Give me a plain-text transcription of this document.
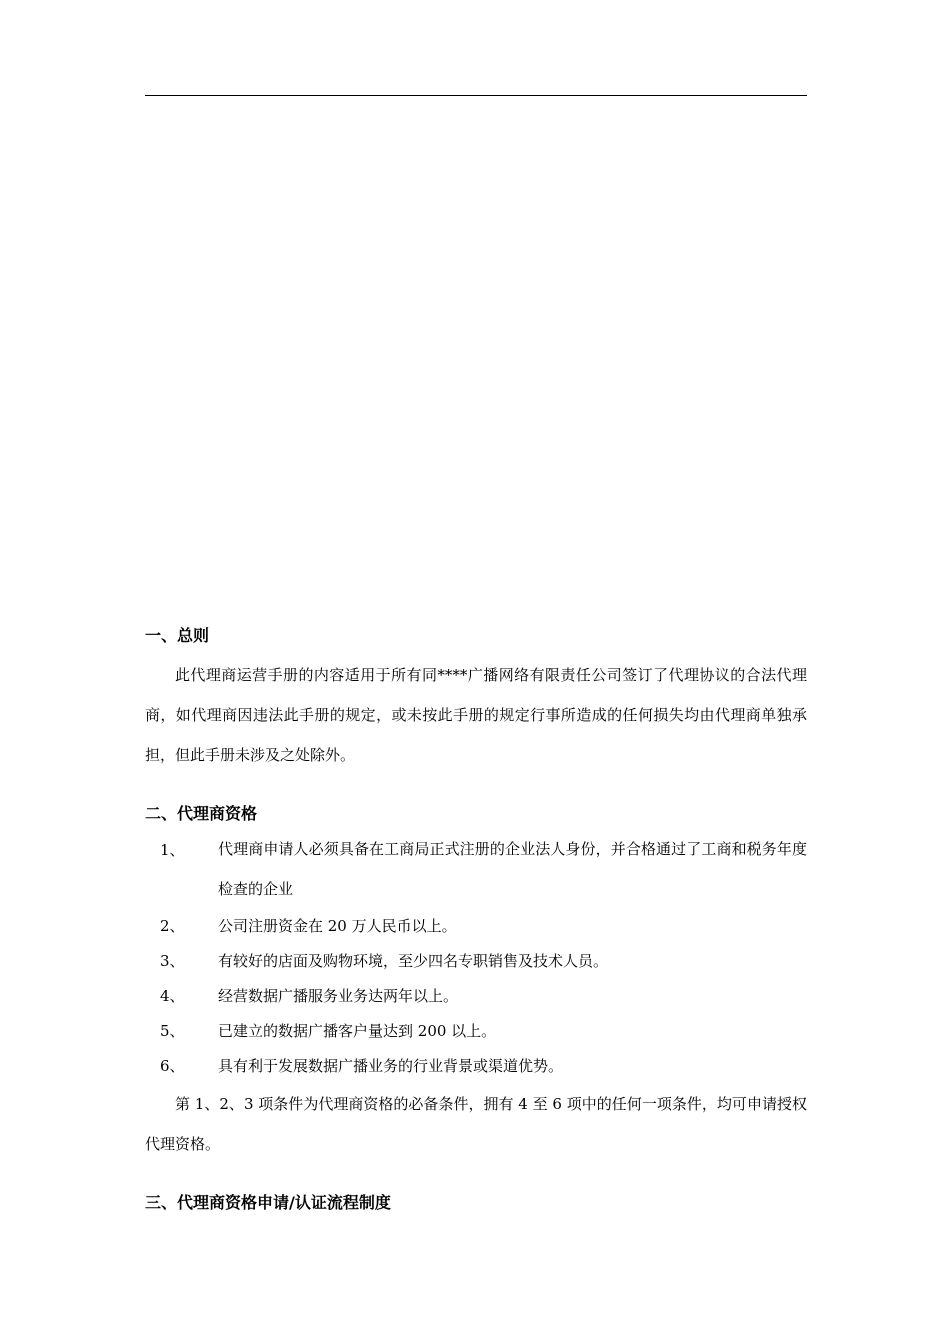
一、总则

此代理商运营手册的内容适用于所有同****广播网络有限责任公司签订了代理协议的合法代理商，如代理商因违法此手册的规定，或未按此手册的规定行事所造成的任何损失均由代理商单独承担，但此手册未涉及之处除外。

二、代理商资格
1、	代理商申请人必须具备在工商局正式注册的企业法人身份，并合格通过了工商和税务年度检查的企业
2、	公司注册资金在 20 万人民币以上。
3、	有较好的店面及购物环境，至少四名专职销售及技术人员。
4、	经营数据广播服务业务达两年以上。
5、	已建立的数据广播客户量达到 200 以上。
6、	具有利于发展数据广播业务的行业背景或渠道优势。

第 1、2、3 项条件为代理商资格的必备条件，拥有 4 至 6 项中的任何一项条件，均可申请授权代理资格。

三、代理商资格申请/认证流程制度
